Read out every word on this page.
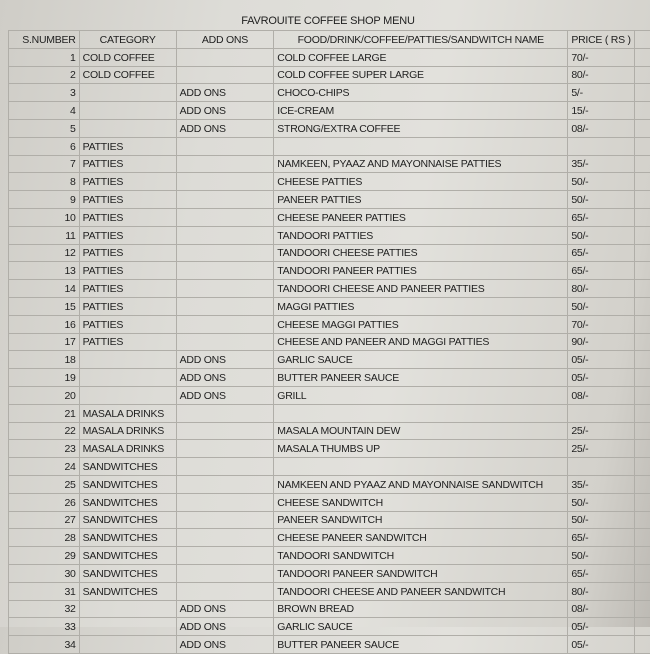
FAVROUITE COFFEE SHOP MENU
S.NUMBER	CATEGORY	ADD ONS	FOOD/DRINK/COFFEE/PATTIES/SANDWITCH NAME	PRICE ( RS )	
1	COLD COFFEE		COLD COFFEE LARGE	70/-	
2	COLD COFFEE		COLD COFFEE SUPER LARGE	80/-	
3		ADD ONS	CHOCO-CHIPS	5/-	
4		ADD ONS	ICE-CREAM	15/-	
5		ADD ONS	STRONG/EXTRA COFFEE	08/-	
6	PATTIES				
7	PATTIES		NAMKEEN, PYAAZ AND MAYONNAISE PATTIES	35/-	
8	PATTIES		CHEESE PATTIES	50/-	
9	PATTIES		PANEER PATTIES	50/-	
10	PATTIES		CHEESE PANEER PATTIES	65/-	
11	PATTIES		TANDOORI PATTIES	50/-	
12	PATTIES		TANDOORI CHEESE PATTIES	65/-	
13	PATTIES		TANDOORI PANEER PATTIES	65/-	
14	PATTIES		TANDOORI CHEESE AND PANEER PATTIES	80/-	
15	PATTIES		MAGGI PATTIES	50/-	
16	PATTIES		CHEESE MAGGI PATTIES	70/-	
17	PATTIES		CHEESE AND PANEER AND MAGGI PATTIES	90/-	
18		ADD ONS	GARLIC SAUCE	05/-	
19		ADD ONS	BUTTER PANEER SAUCE	05/-	
20		ADD ONS	GRILL	08/-	
21	MASALA DRINKS				
22	MASALA DRINKS		MASALA MOUNTAIN DEW	25/-	
23	MASALA DRINKS		MASALA THUMBS UP	25/-	
24	SANDWITCHES				
25	SANDWITCHES		NAMKEEN AND PYAAZ AND MAYONNAISE SANDWITCH	35/-	
26	SANDWITCHES		CHEESE SANDWITCH	50/-	
27	SANDWITCHES		PANEER SANDWITCH	50/-	
28	SANDWITCHES		CHEESE PANEER SANDWITCH	65/-	
29	SANDWITCHES		TANDOORI SANDWITCH	50/-	
30	SANDWITCHES		TANDOORI PANEER SANDWITCH	65/-	
31	SANDWITCHES		TANDOORI CHEESE AND PANEER SANDWITCH	80/-	
32		ADD ONS	BROWN BREAD	08/-	
33		ADD ONS	GARLIC SAUCE	05/-	
34		ADD ONS	BUTTER PANEER SAUCE	05/-	
